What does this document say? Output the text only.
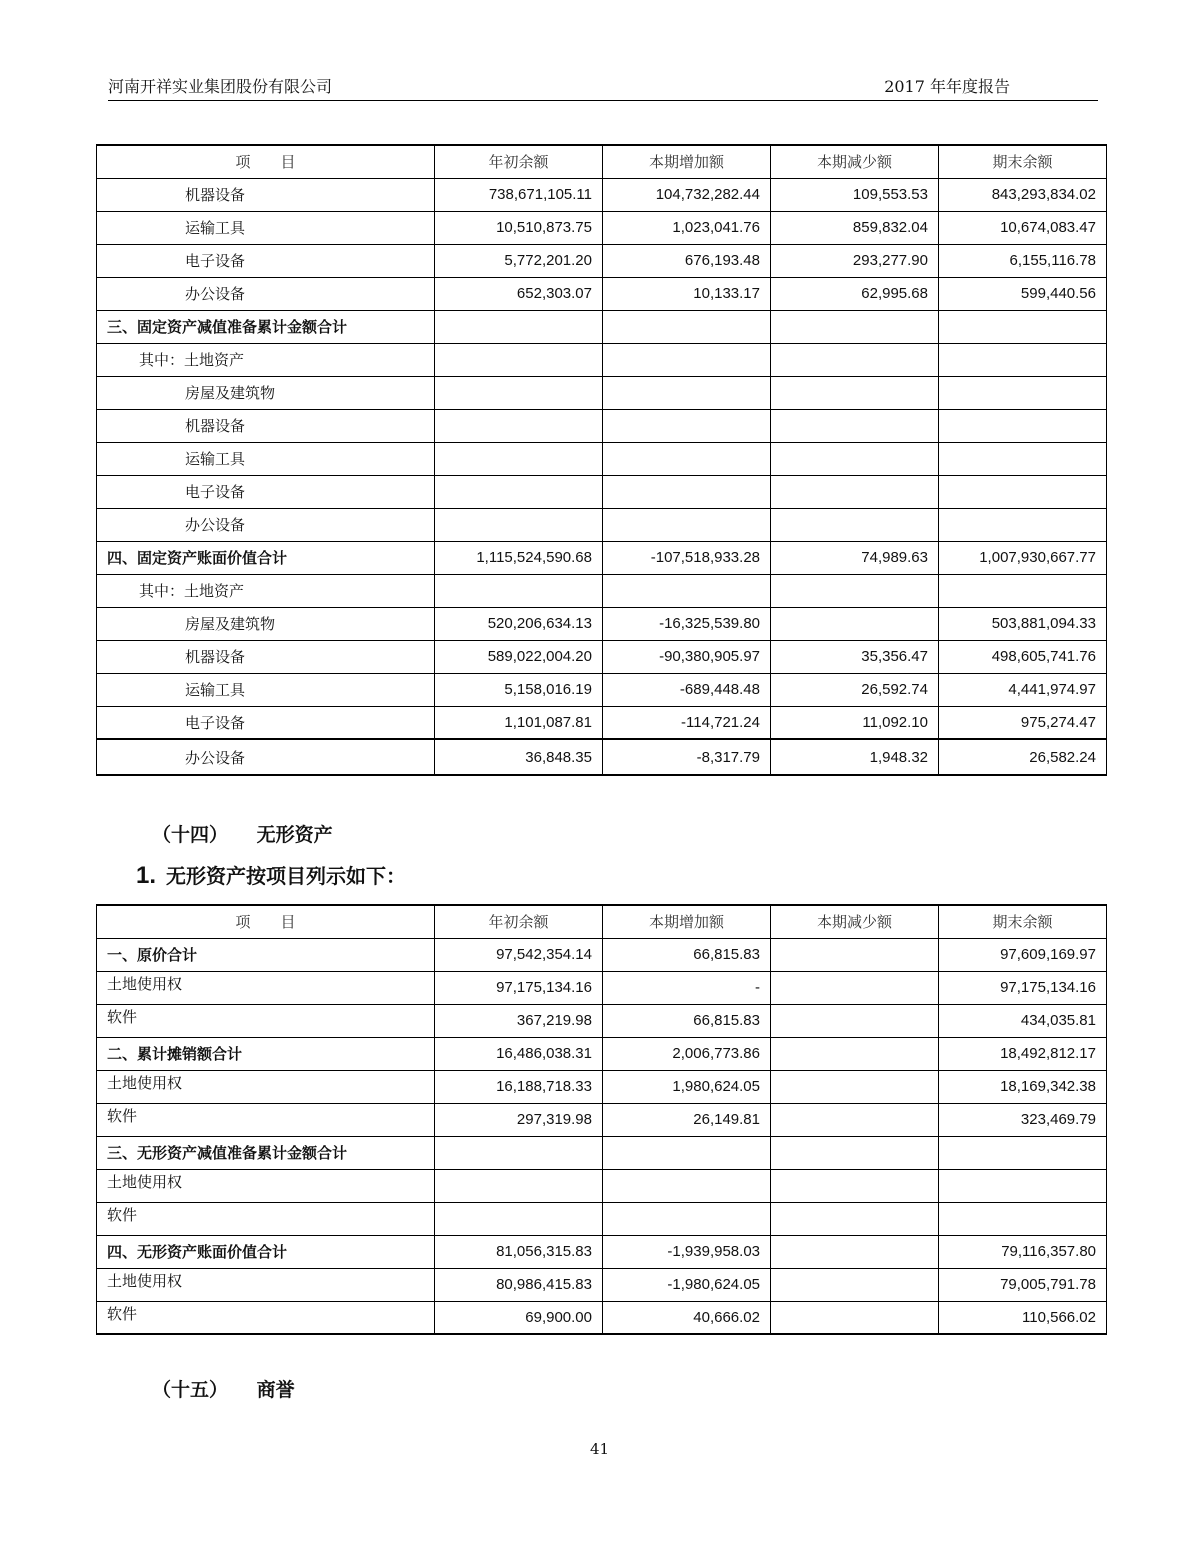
河南开祥实业集团股份有限公司	2017 年年度报告
项　　目	年初余额	本期增加额	本期减少额	期末余额
机器设备	738,671,105.11	104,732,282.44	109,553.53	843,293,834.02
运输工具	10,510,873.75	1,023,041.76	859,832.04	10,674,083.47
电子设备	5,772,201.20	676,193.48	293,277.90	6,155,116.78
办公设备	652,303.07	10,133.17	62,995.68	599,440.56
三、固定资产减值准备累计金额合计				
其中：土地资产				
房屋及建筑物				
机器设备				
运输工具				
电子设备				
办公设备				
四、固定资产账面价值合计	1,115,524,590.68	-107,518,933.28	74,989.63	1,007,930,667.77
其中：土地资产				
房屋及建筑物	520,206,634.13	-16,325,539.80		503,881,094.33
机器设备	589,022,004.20	-90,380,905.97	35,356.47	498,605,741.76
运输工具	5,158,016.19	-689,448.48	26,592.74	4,441,974.97
电子设备	1,101,087.81	-114,721.24	11,092.10	975,274.47
办公设备	36,848.35	-8,317.79	1,948.32	26,582.24
（十四） 无形资产
1. 无形资产按项目列示如下：
项　　目	年初余额	本期增加额	本期减少额	期末余额
一、原价合计	97,542,354.14	66,815.83		97,609,169.97

土地使用权	97,175,134.16	-		97,175,134.16

软件	367,219.98	66,815.83		434,035.81
二、累计摊销额合计	16,486,038.31	2,006,773.86		18,492,812.17

土地使用权	16,188,718.33	1,980,624.05		18,169,342.38

软件	297,319.98	26,149.81		323,469.79
三、无形资产减值准备累计金额合计				

土地使用权				

软件				

四、无形资产账面价值合计	81,056,315.83	-1,939,958.03		79,116,357.80

土地使用权	80,986,415.83	-1,980,624.05		79,005,791.78

软件	69,900.00	40,666.02		110,566.02
（十五） 商誉
41
